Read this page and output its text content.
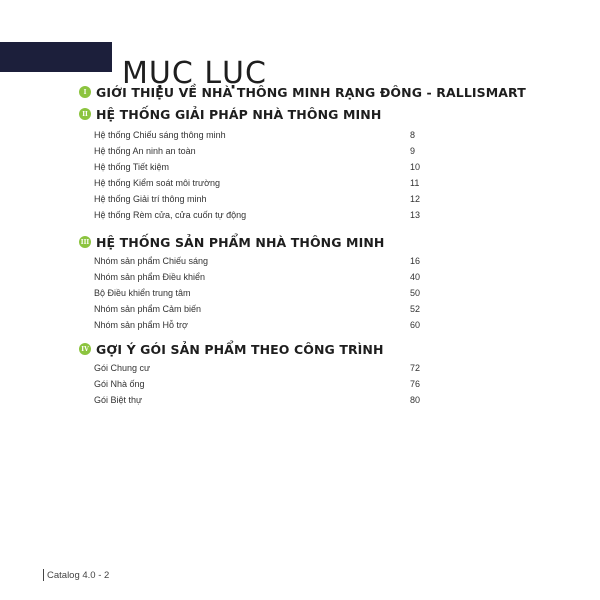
MỤC LỤC
I GIỚI THIỆU VỀ NHÀ THÔNG MINH RẠNG ĐÔNG - RALLISMART
II HỆ THỐNG GIẢI PHÁP NHÀ THÔNG MINH
Hệ thống Chiếu sáng thông minh	8
Hệ thống An ninh an toàn	9
Hệ thống Tiết kiệm	10
Hệ thống Kiểm soát môi trường	11
Hệ thống Giải trí thông minh	12
Hệ thống Rèm cửa, cửa cuốn tự động	13
III HỆ THỐNG SẢN PHẨM NHÀ THÔNG MINH
Nhóm sản phẩm Chiếu sáng	16
Nhóm sản phẩm Điều khiển	40
Bộ Điều khiển trung tâm	50
Nhóm sản phẩm Cảm biến	52
Nhóm sản phẩm Hỗ trợ	60
IV GỢI Ý GÓI SẢN PHẨM THEO CÔNG TRÌNH
Gói Chung cư	72
Gói Nhà ống	76
Gói Biệt thự	80
Catalog 4.0 - 2
